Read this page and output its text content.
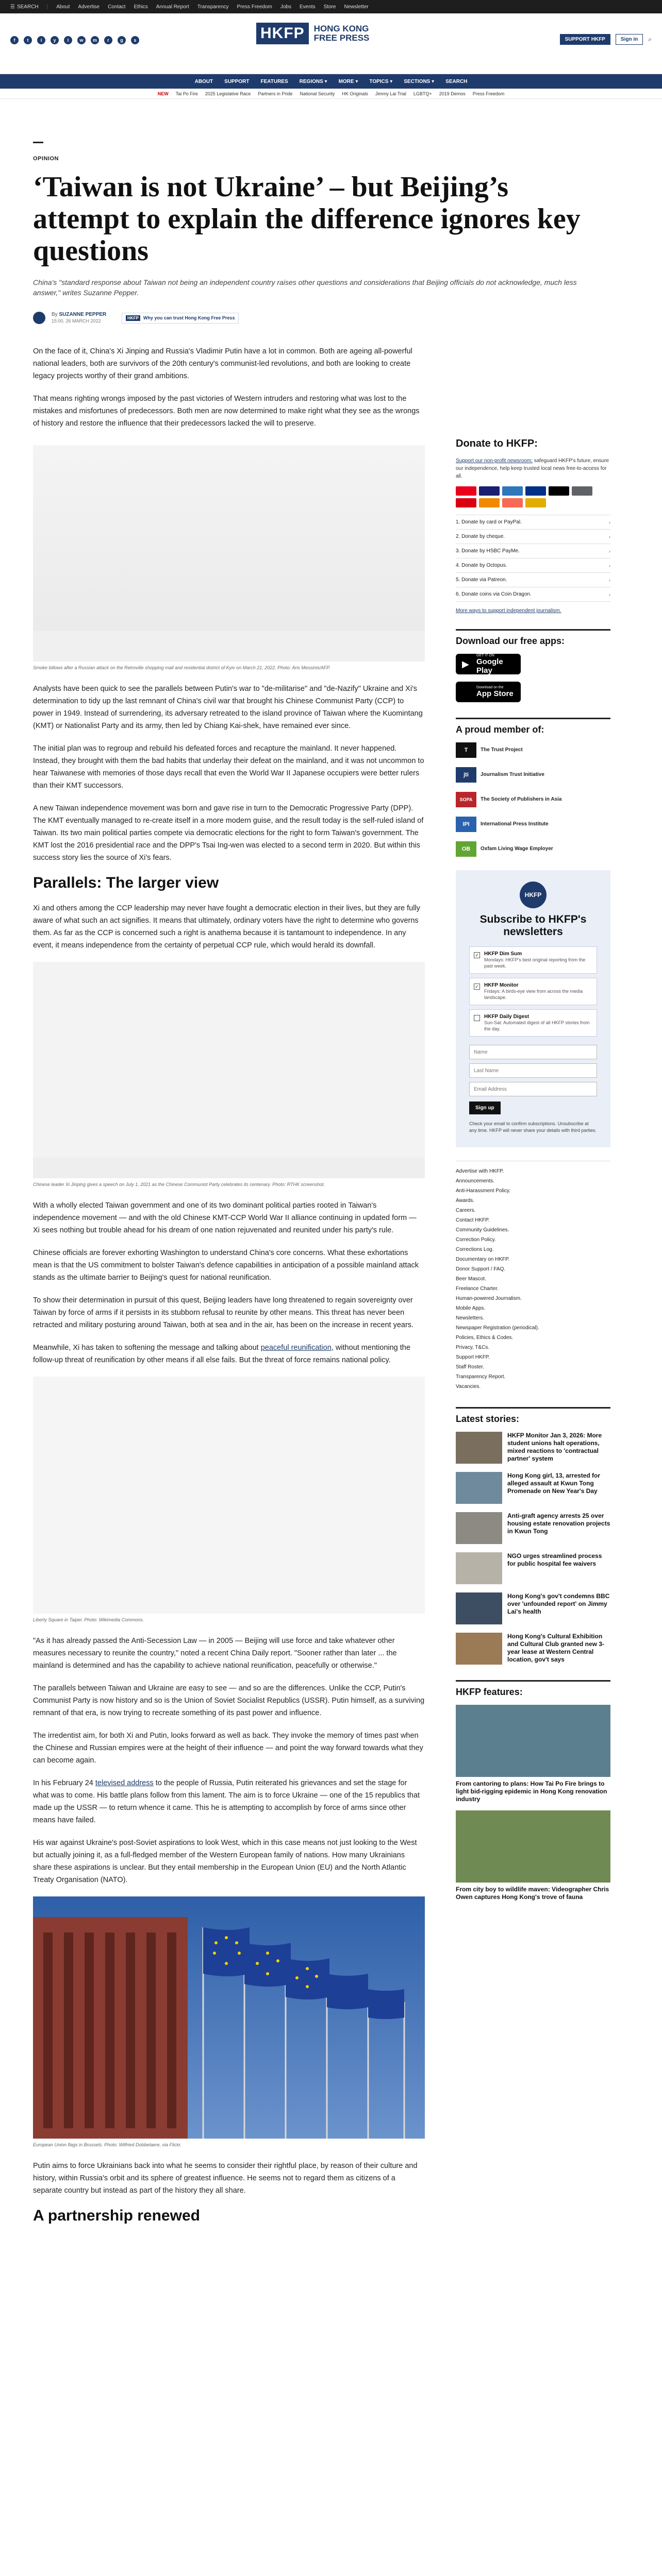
☰ SEARCH | About Advertise Contact Ethics Annual Report Transparency Press Freedom Jobs Events Store Newsletter
f	t	i	y	l	w	m	r	g	s	HKFP	HONG KONG
FREE PRESS	SUPPORT HKFP	Sign in	⌕
ABOUT SUPPORT FEATURES REGIONS ▾ MORE ▾ TOPICS ▾ SECTIONS ▾ SEARCH
NEW Tai Po Fire 2025 Legislative Race Partners in Pride National Security HK Originals Jimmy Lai Trial LGBTQ+ 2019 Demos Press Freedom
OPINION
‘Taiwan is not Ukraine’ – but Beijing’s attempt to explain the difference ignores key questions

China's "standard response about Taiwan not being an independent country raises other questions and considerations that Beijing officials do not acknowledge, much less answer," writes Suzanne Pepper.

By SUZANNE PEPPER
15:00, 26 MARCH 2022
HKFP	Why you can trust Hong Kong Free Press

On the face of it, China's Xi Jinping and Russia's Vladimir Putin have a lot in common. Both are ageing all-powerful national leaders, both are survivors of the 20th century's communist-led revolutions, and both are looking to create legacy projects worthy of their grand ambitions.

That means righting wrongs imposed by the past victories of Western intruders and restoring what was lost to the mistakes and misfortunes of predecessors. Both men are now determined to make right what they see as the wrongs of history and restore the influence that their predecessors lacked the will to preserve.

Smoke billows after a Russian attack on the Retroville shopping mall and residential district of Kyiv on March 21, 2022. Photo: Aris Messinis/AFP.

Analysts have been quick to see the parallels between Putin's war to "de-militarise" and "de-Nazify" Ukraine and Xi's determination to tidy up the last remnant of China's civil war that brought his Chinese Communist Party (CCP) to power in 1949. Instead of surrendering, its adversary retreated to the island province of Taiwan where the Kuomintang (KMT) or Nationalist Party and its army, then led by Chiang Kai-shek, have remained ever since.

The initial plan was to regroup and rebuild his defeated forces and recapture the mainland. It never happened. Instead, they brought with them the bad habits that underlay their defeat on the mainland, and it was not uncommon to hear Taiwanese with memories of those days recall that even the World War II Japanese occupiers were better rulers than their KMT successors.

A new Taiwan independence movement was born and gave rise in turn to the Democratic Progressive Party (DPP). The KMT eventually managed to re-create itself in a more modern guise, and the result today is the self-ruled island of Taiwan. Its two main political parties compete via democratic elections for the right to form Taiwan's government. The KMT lost the 2016 presidential race and the DPP's Tsai Ing-wen was elected to a second term in 2020. But within this success story lies the source of Xi's fears.

Parallels: The larger view

Xi and others among the CCP leadership may never have fought a democratic election in their lives, but they are fully aware of what such an act signifies. It means that ultimately, ordinary voters have the right to determine who governs them. As far as the CCP is concerned such a right is anathema because it is tantamount to independence. In any event, it means independence from the certainty of perpetual CCP rule, which would herald its downfall.

Chinese leader Xi Jinping gives a speech on July 1, 2021 as the Chinese Communist Party celebrates its centenary. Photo: RTHK screenshot.

With a wholly elected Taiwan government and one of its two dominant political parties rooted in Taiwan's independence movement — and with the old Chinese KMT-CCP World War II alliance continuing in updated form — Xi sees nothing but trouble ahead for his dream of one nation rejuvenated and reunited under his party's rule.

Chinese officials are forever exhorting Washington to understand China's core concerns. What these exhortations mean is that the US commitment to bolster Taiwan's defence capabilities in anticipation of a possible mainland attack stands as the ultimate barrier to Beijing's quest for national reunification.

To show their determination in pursuit of this quest, Beijing leaders have long threatened to regain sovereignty over Taiwan by force of arms if it persists in its stubborn refusal to reunite by other means. This threat has never been retracted and military posturing around Taiwan, both at sea and in the air, has been on the increase in recent years.

Meanwhile, Xi has taken to softening the message and talking about peaceful reunification, without mentioning the follow-up threat of reunification by other means if all else fails. But the threat of force remains national policy.

Liberty Square in Taipei. Photo: Wikimedia Commons.

"As it has already passed the Anti-Secession Law — in 2005 — Beijing will use force and take whatever other measures necessary to reunite the country," noted a recent China Daily report. "Sooner rather than later ... the mainland is determined and has the capability to achieve national reunification, peacefully or otherwise."

The parallels between Taiwan and Ukraine are easy to see — and so are the differences. Unlike the CCP, Putin's Communist Party is now history and so is the Union of Soviet Socialist Republics (USSR). Putin himself, as a surviving remnant of that era, is now trying to recreate something of its past power and influence.

The irredentist aim, for both Xi and Putin, looks forward as well as back. They invoke the memory of times past when the Chinese and Russian empires were at the height of their influence — and point the way forward towards what they can become again.

In his February 24 televised address to the people of Russia, Putin reiterated his grievances and set the stage for what was to come. His battle plans follow from this lament. The aim is to force Ukraine — one of the 15 republics that made up the USSR — to return whence it came. This he is attempting to accomplish by force of arms since other means have failed.

His war against Ukraine's post-Soviet aspirations to look West, which in this case means not just looking to the West but actually joining it, as a full-fledged member of the Western European family of nations. How many Ukrainians share these aspirations is unclear. But they entail membership in the European Union (EU) and the North Atlantic Treaty Organisation (NATO).

European Union flags in Brussels. Photo: Wilfried Dobbelaere, via Flickr.

Putin aims to force Ukrainians back into what he seems to consider their rightful place, by reason of their culture and history, within Russia's orbit and its sphere of greatest influence. He seems not to regard them as citizens of a separate country but instead as part of the history they all share.

A partnership renewed
Donate to HKFP:
Support our non-profit newsroom: safeguard HKFP's future, ensure our independence, help keep trusted local news free-to-access for all.
1. Donate by card or PayPal.	›
2. Donate by cheque.	›
3. Donate by HSBC PayMe.	›
4. Donate by Octopus.	›
5. Donate via Patreon.	›
6. Donate coins via Coin Dragon.	›
More ways to support independent journalism.
Download our free apps:
▶
GET IT ON
Google Play
Download on the
App Store
A proud member of:
T	The Trust Project
jti	Journalism Trust Initiative
SOPA	The Society of Publishers in Asia
IPI	International Press Institute
OB	Oxfam Living Wage Employer
HKFP
Subscribe to HKFP's newsletters
✓ HKFP Dim Sum
Mondays: HKFP's best original reporting from the past week.
✓ HKFP Monitor
Fridays: A birds-eye view from across the media landscape.
HKFP Daily Digest
Sun-Sat: Automated digest of all HKFP stories from the day.
Name Last Name Email Address Sign up
Check your email to confirm subscriptions. Unsubscribe at any time. HKFP will never share your details with third parties.
Advertise with HKFP.
Announcements.
Anti-Harassment Policy.
Awards.
Careers.
Contact HKFP.
Community Guidelines.
Correction Policy.
Corrections Log.
Documentary on HKFP.
Donor Support / FAQ.
Beer Mascot.
Freelance Charter.
Human-powered Journalism.
Mobile Apps.
Newsletters.
Newspaper Registration (periodical).
Policies, Ethics & Codes.
Privacy, T&Cs.
Support HKFP.
Staff Roster.
Transparency Report.
Vacancies.
Latest stories:
HKFP Monitor Jan 3, 2026: More student unions halt operations, mixed reactions to 'contractual partner' system
Hong Kong girl, 13, arrested for alleged assault at Kwun Tong Promenade on New Year's Day
Anti-graft agency arrests 25 over housing estate renovation projects in Kwun Tong
NGO urges streamlined process for public hospital fee waivers
Hong Kong's gov't condemns BBC over 'unfounded report' on Jimmy Lai's health
Hong Kong's Cultural Exhibition and Cultural Club granted new 3-year lease at Western Central location, gov't says
HKFP features:
From cantoring to plans: How Tai Po Fire brings to light bid-rigging epidemic in Hong Kong renovation industry
From city boy to wildlife maven: Videographer Chris Owen captures Hong Kong's trove of fauna
